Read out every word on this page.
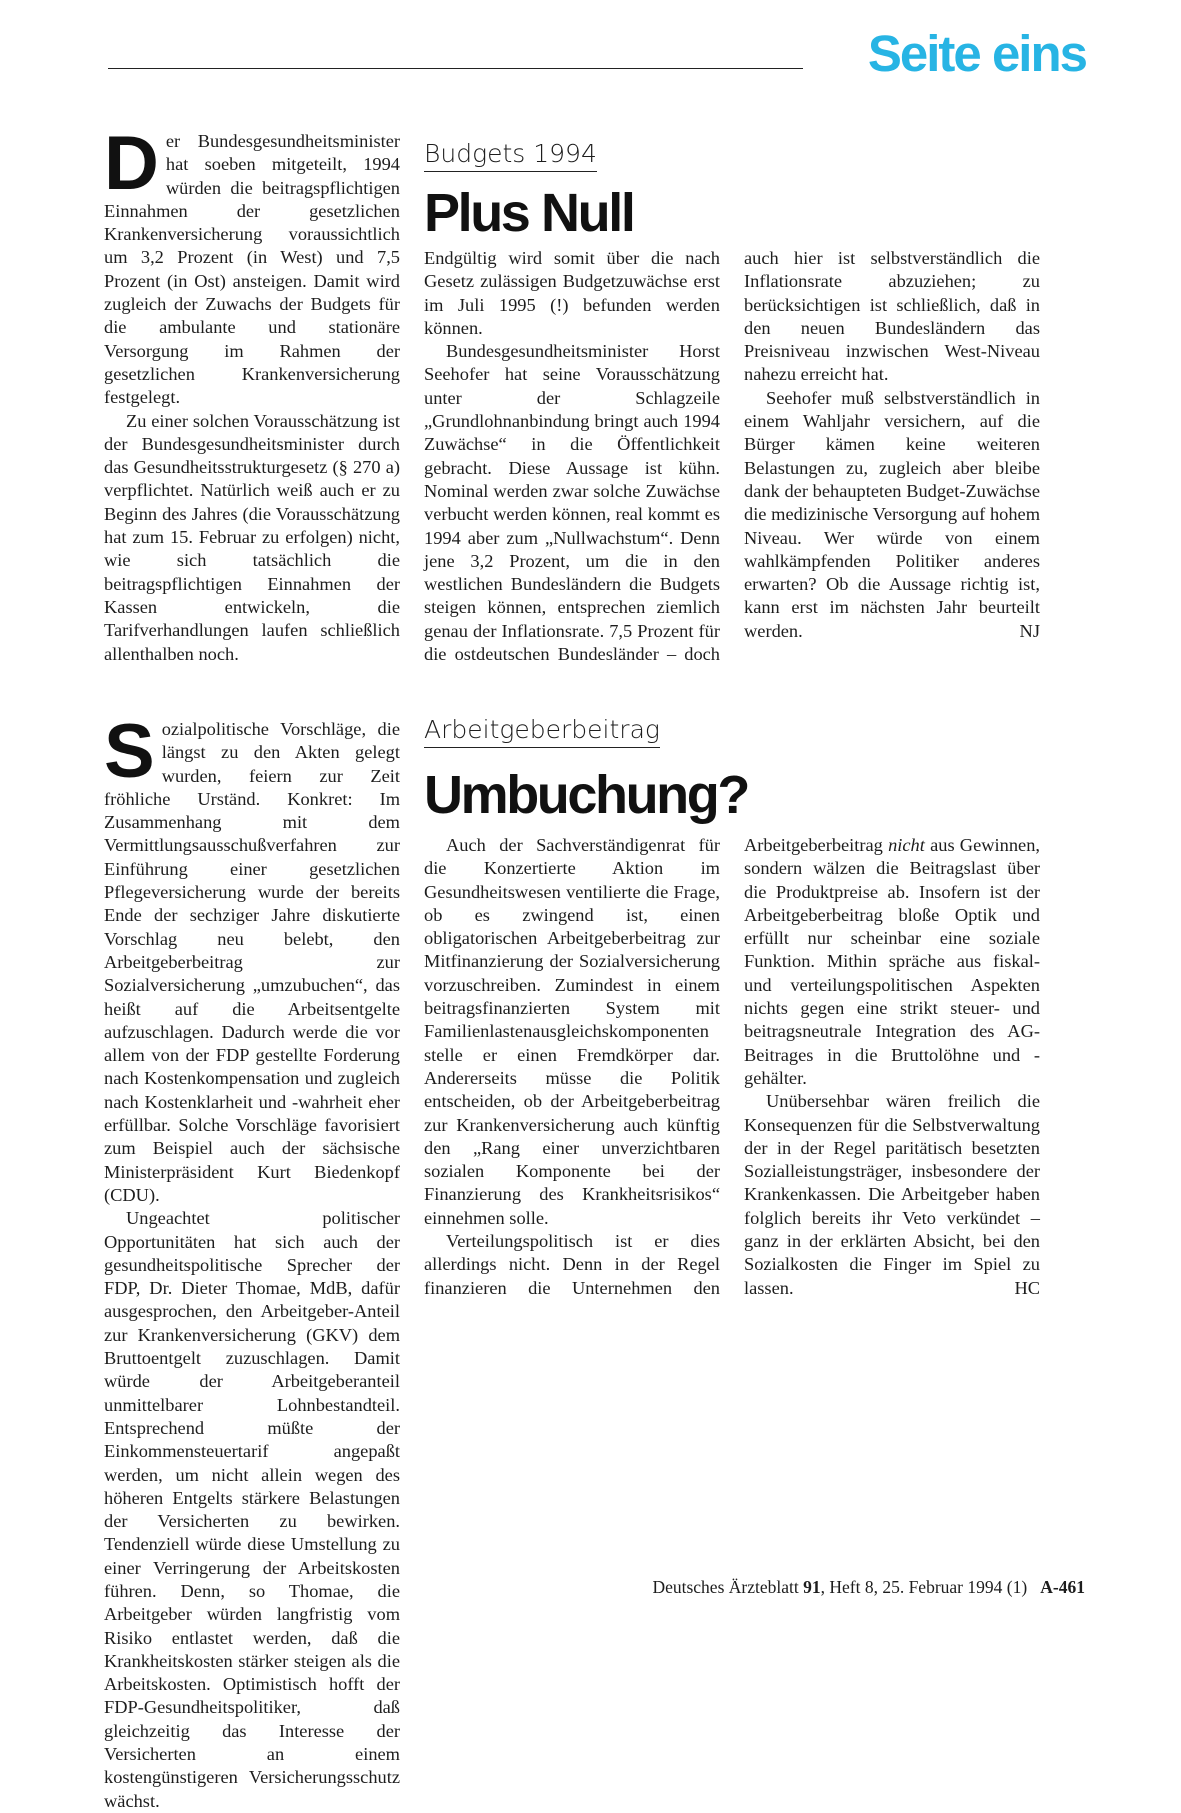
Seite eins

Der Bundesgesundheitsminister hat soeben mitgeteilt, 1994 würden die beitragspflichtigen Einnahmen der gesetzlichen Krankenversicherung voraussichtlich um 3,2 Prozent (in West) und 7,5 Prozent (in Ost) ansteigen. Damit wird zugleich der Zuwachs der Budgets für die ambulante und stationäre Versorgung im Rahmen der gesetzlichen Krankenversicherung festgelegt.

Zu einer solchen Vorausschätzung ist der Bundesgesundheitsminister durch das Gesundheitsstrukturgesetz (§ 270 a) verpflichtet. Natürlich weiß auch er zu Beginn des Jahres (die Vorausschätzung hat zum 15. Februar zu erfolgen) nicht, wie sich tatsächlich die beitragspflichtigen Einnahmen der Kassen entwickeln, die Tarifverhandlungen laufen schließlich allenthalben noch.

Budgets 1994
Plus Null

Endgültig wird somit über die nach Gesetz zulässigen Budgetzuwächse erst im Juli 1995 (!) befunden werden können.

Bundesgesundheitsminister Horst Seehofer hat seine Vorausschätzung unter der Schlagzeile „Grundlohnanbindung bringt auch 1994 Zuwächse“ in die Öffentlichkeit gebracht. Diese Aussage ist kühn. Nominal werden zwar solche Zuwächse verbucht werden können, real kommt es 1994 aber zum „Nullwachstum“. Denn jene 3,2 Prozent, um die in den westlichen Bundesländern die Budgets steigen können, entsprechen ziemlich genau der Inflationsrate. 7,5 Prozent für die ostdeutschen Bundesländer – doch auch hier ist selbstverständlich die Inflationsrate abzuziehen; zu berücksichtigen ist schließlich, daß in den neuen Bundesländern das Preisniveau inzwischen West-Niveau nahezu erreicht hat.

Seehofer muß selbstverständlich in einem Wahljahr versichern, auf die Bürger kämen keine weiteren Belastungen zu, zugleich aber bleibe dank der behaupteten Budget-Zuwächse die medizinische Versorgung auf hohem Niveau. Wer würde von einem wahlkämpfenden Politiker anderes erwarten? Ob die Aussage richtig ist, kann erst im nächsten Jahr beurteilt werden.	NJ

Sozialpolitische Vorschläge, die längst zu den Akten gelegt wurden, feiern zur Zeit fröhliche Urständ. Konkret: Im Zusammenhang mit dem Vermittlungsausschußverfahren zur Einführung einer gesetzlichen Pflegeversicherung wurde der bereits Ende der sechziger Jahre diskutierte Vorschlag neu belebt, den Arbeitgeberbeitrag zur Sozialversicherung „umzubuchen“, das heißt auf die Arbeitsentgelte aufzuschlagen. Dadurch werde die vor allem von der FDP gestellte Forderung nach Kostenkompensation und zugleich nach Kostenklarheit und -wahrheit eher erfüllbar. Solche Vorschläge favorisiert zum Beispiel auch der sächsische Ministerpräsident Kurt Biedenkopf (CDU).

Ungeachtet politischer Opportunitäten hat sich auch der gesundheitspolitische Sprecher der FDP, Dr. Dieter Thomae, MdB, dafür ausgesprochen, den Arbeitgeber-Anteil zur Krankenversicherung (GKV) dem Bruttoentgelt zuzuschlagen. Damit würde der Arbeitgeberanteil unmittelbarer Lohnbestandteil. Entsprechend müßte der Einkommensteuertarif angepaßt werden, um nicht allein wegen des höheren Entgelts stärkere Belastungen der Versicherten zu bewirken. Tendenziell würde diese Umstellung zu einer Verringerung der Arbeitskosten führen. Denn, so Thomae, die Arbeitgeber würden langfristig vom Risiko entlastet werden, daß die Krankheitskosten stärker steigen als die Arbeitskosten. Optimistisch hofft der FDP-Gesundheitspolitiker, daß gleichzeitig das Interesse der Versicherten an einem kostengünstigeren Versicherungsschutz wächst.

Arbeitgeberbeitrag
Umbuchung?

Auch der Sachverständigenrat für die Konzertierte Aktion im Gesundheitswesen ventilierte die Frage, ob es zwingend ist, einen obligatorischen Arbeitgeberbeitrag zur Mitfinanzierung der Sozialversicherung vorzuschreiben. Zumindest in einem beitragsfinanzierten System mit Familienlastenausgleichskomponenten stelle er einen Fremdkörper dar. Andererseits müsse die Politik entscheiden, ob der Arbeitgeberbeitrag zur Krankenversicherung auch künftig den „Rang einer unverzichtbaren sozialen Komponente bei der Finanzierung des Krankheitsrisikos“ einnehmen solle.

Verteilungspolitisch ist er dies allerdings nicht. Denn in der Regel finanzieren die Unternehmen den Arbeitgeberbeitrag nicht aus Gewinnen, sondern wälzen die Beitragslast über die Produktpreise ab. Insofern ist der Arbeitgeberbeitrag bloße Optik und erfüllt nur scheinbar eine soziale Funktion. Mithin spräche aus fiskal- und verteilungspolitischen Aspekten nichts gegen eine strikt steuer- und beitragsneutrale Integration des AG-Beitrages in die Bruttolöhne und -gehälter.

Unübersehbar wären freilich die Konsequenzen für die Selbstverwaltung der in der Regel paritätisch besetzten Sozialleistungsträger, insbesondere der Krankenkassen. Die Arbeitgeber haben folglich bereits ihr Veto verkündet – ganz in der erklärten Absicht, bei den Sozialkosten die Finger im Spiel zu lassen.	HC

Deutsches Ärzteblatt 91, Heft 8, 25. Februar 1994 (1) A-461
